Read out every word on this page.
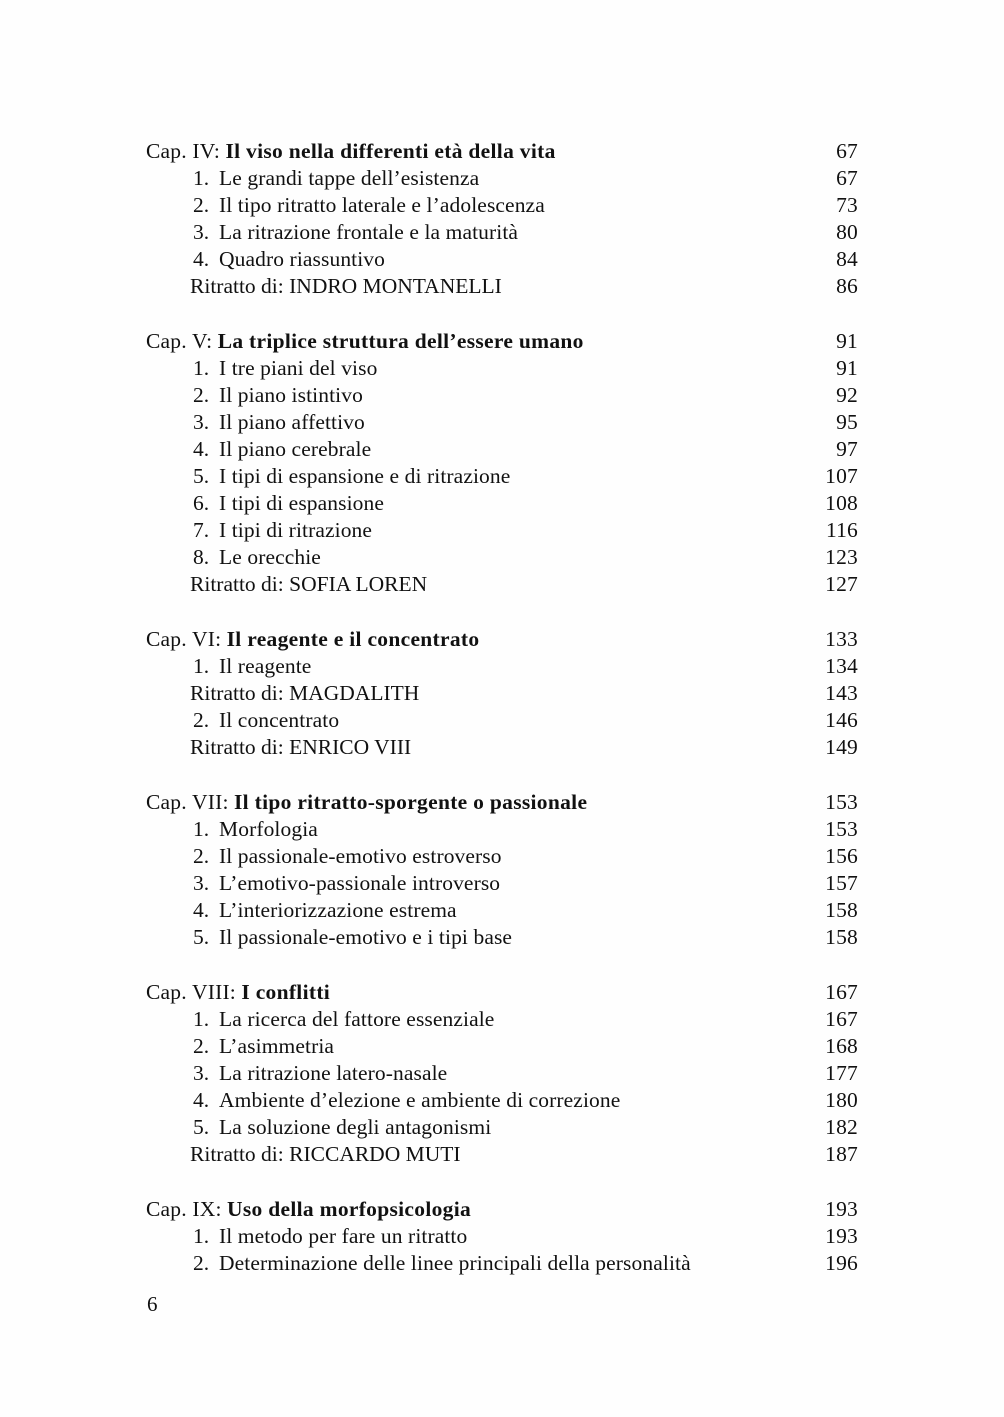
Cap. IV: Il viso nella differenti età della vita	67
1. Le grandi tappe dell’esistenza	67
2. Il tipo ritratto laterale e l’adolescenza	73
3. La ritrazione frontale e la maturità	80
4. Quadro riassuntivo	84
Ritratto di: INDRO MONTANELLI	86
Cap. V: La triplice struttura dell’essere umano	91
1. I tre piani del viso	91
2. Il piano istintivo	92
3. Il piano affettivo	95
4. Il piano cerebrale	97
5. I tipi di espansione e di ritrazione	107
6. I tipi di espansione	108
7. I tipi di ritrazione	116
8. Le orecchie	123
Ritratto di: SOFIA LOREN	127
Cap. VI: Il reagente e il concentrato	133
1. Il reagente	134
Ritratto di: MAGDALITH	143
2. Il concentrato	146
Ritratto di: ENRICO VIII	149
Cap. VII: Il tipo ritratto-sporgente o passionale	153
1. Morfologia	153
2. Il passionale-emotivo estroverso	156
3. L’emotivo-passionale introverso	157
4. L’interiorizzazione estrema	158
5. Il passionale-emotivo e i tipi base	158
Cap. VIII: I conflitti	167
1. La ricerca del fattore essenziale	167
2. L’asimmetria	168
3. La ritrazione latero-nasale	177
4. Ambiente d’elezione e ambiente di correzione	180
5. La soluzione degli antagonismi	182
Ritratto di: RICCARDO MUTI	187
Cap. IX: Uso della morfopsicologia	193
1. Il metodo per fare un ritratto	193
2. Determinazione delle linee principali della personalità	196
6
